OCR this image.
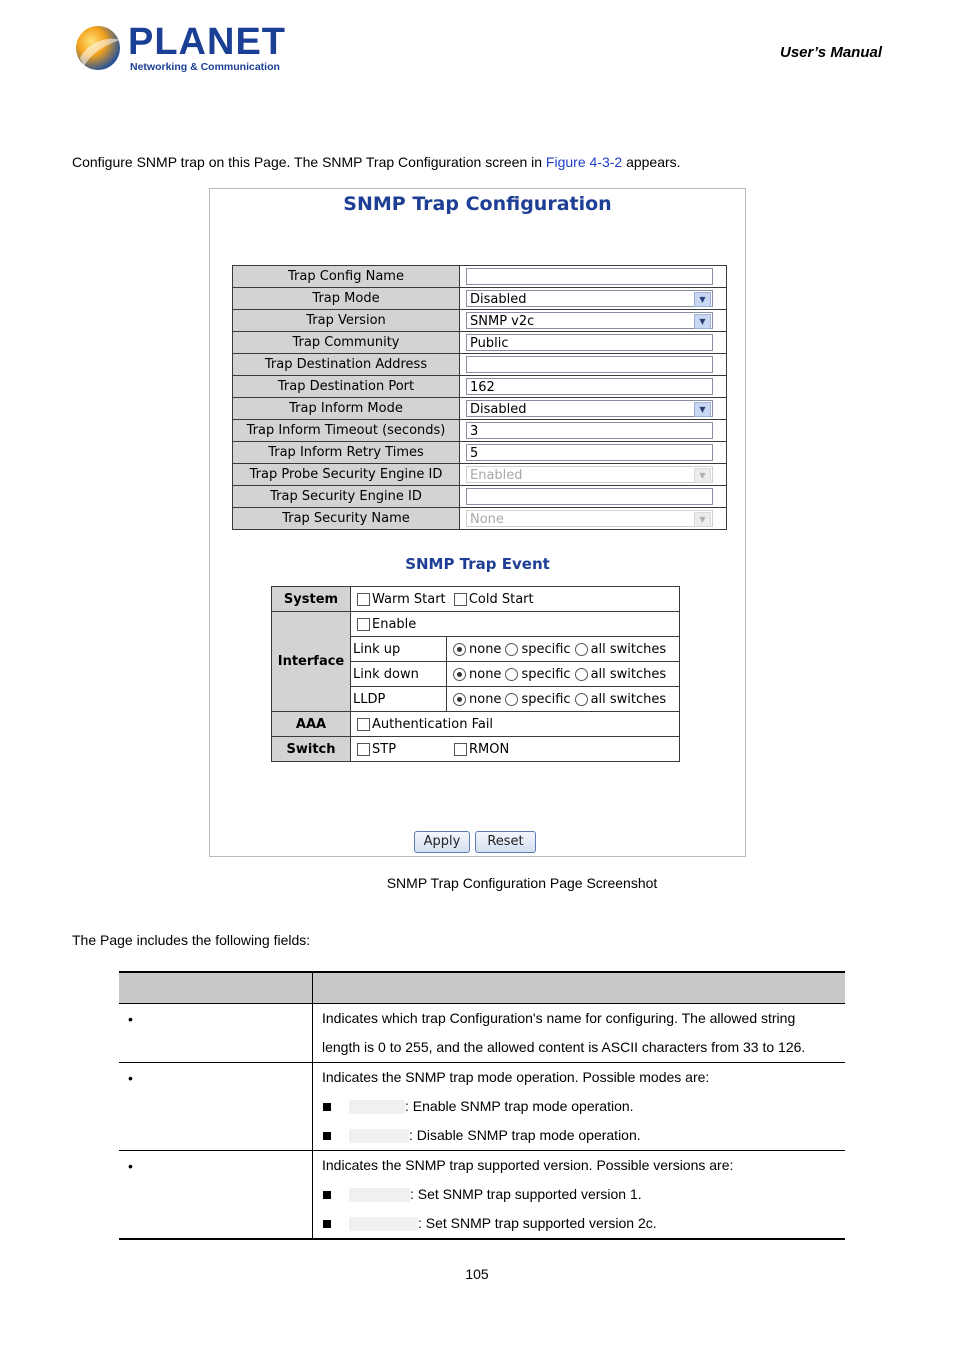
PLANET
Networking & Communication
User’s Manual
Configure SNMP trap on this Page. The SNMP Trap Configuration screen in Figure 4-3-2 appears.
SNMP Trap Configuration
Trap Config Name	
Trap Mode	Disabled ▼

Trap Version	SNMP v2c ▼

Trap Community	Public
Trap Destination Address	
Trap Destination Port	162
Trap Inform Mode	Disabled ▼

Trap Inform Timeout (seconds)	3
Trap Inform Retry Times	5
Trap Probe Security Engine ID	Enabled ▼

Trap Security Engine ID	
Trap Security Name	None ▼
SNMP Trap Event
System	Warm Start Cold Start	
Interface	Enable	
	Link up	none specific all switches
	Link down	none specific all switches
	LLDP	none specific all switches
AAA	Authentication Fail	
Switch	STP RMON	
Apply	Reset
SNMP Trap Configuration Page Screenshot
The Page includes the following fields:
•	Indicates which trap Configuration's name for configuring. The allowed string
length is 0 to 255, and the allowed content is ASCII characters from 33 to 126.
•	Indicates the SNMP trap mode operation. Possible modes are:
: Enable SNMP trap mode operation.
: Disable SNMP trap mode operation.
•	Indicates the SNMP trap supported version. Possible versions are:
: Set SNMP trap supported version 1.
: Set SNMP trap supported version 2c.
105
